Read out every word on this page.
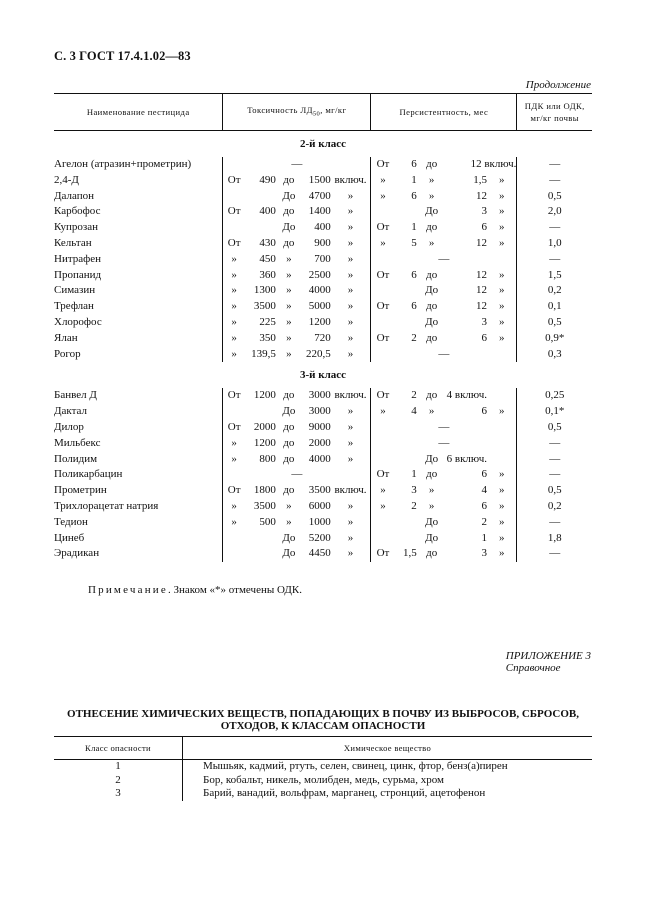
С. 3 ГОСТ 17.4.1.02—83
Продолжение
Наименование пестицида	Токсичность $ЛД_{50}$, мг/кг					Персистентность, мес					ПДК или ОДК,
мг/кг почвы
2-й класс											
Агелон (атразин+прометрин)	—					От	6	до	12 включ.		—
2,4-Д	От	490	до	1500	включ.	»	1	»	1,5	»	—
Далапон			До	4700	»	»	6	»	12	»	0,5
Карбофос	От	400	до	1400	»			До	3	»	2,0
Купрозан			До	400	»	От	1	до	6	»	—
Кельтан	От	430	до	900	»	»	5	»	12	»	1,0
Нитрафен	»	450	»	700	»	—					—
Пропанид	»	360	»	2500	»	От	6	до	12	»	1,5
Симазин	»	1300	»	4000	»			До	12	»	0,2
Трефлан	»	3500	»	5000	»	От	6	до	12	»	0,1
Хлорофос	»	225	»	1200	»			До	3	»	0,5
Ялан	»	350	»	720	»	От	2	до	6	»	0,9*
Рогор	»	139,5	»	220,5	»	—					0,3
3-й класс											
Банвел Д	От	1200	до	3000	включ.	От	2	до	4 включ.		0,25
Дактал			До	3000	»	»	4	»	6	»	0,1*
Дилор	От	2000	до	9000	»	—					0,5
Мильбекс	»	1200	до	2000	»	—					—
Полидим	»	800	до	4000	»			До	6 включ.		—
Поликарбацин	—					От	1	до	6	»	—
Прометрин	От	1800	до	3500	включ.	»	3	»	4	»	0,5
Трихлорацетат натрия	»	3500	»	6000	»	»	2	»	6	»	0,2
Тедион	»	500	»	1000	»			До	2	»	—
Цинеб			До	5200	»			До	1	»	1,8
Эрадикан			До	4450	»	От	1,5	до	3	»	—
Примечание. Знаком «*» отмечены ОДК.
ПРИЛОЖЕНИЕ 3
Справочное
ОТНЕСЕНИЕ ХИМИЧЕСКИХ ВЕЩЕСТВ, ПОПАДАЮЩИХ В ПОЧВУ ИЗ ВЫБРОСОВ, СБРОСОВ,
ОТХОДОВ, К КЛАССАМ ОПАСНОСТИ
Класс опасности	Химическое вещество
1	Мышьяк, кадмий, ртуть, селен, свинец, цинк, фтор, бенз(а)пирен
2	Бор, кобальт, никель, молибден, медь, сурьма, хром
3	Барий, ванадий, вольфрам, марганец, стронций, ацетофенон
